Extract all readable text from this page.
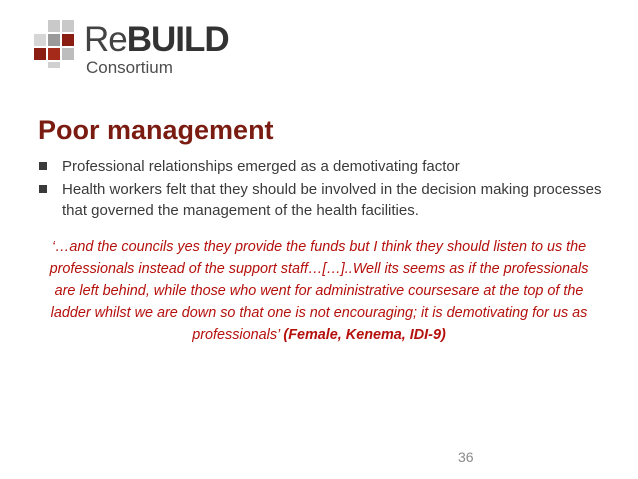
ReBUILD
Consortium
Poor management
Professional relationships emerged as a demotivating factor
Health workers felt that they should be involved in the decision making processes that governed the management of the health facilities.
‘…and the councils yes they provide the funds but I think they should listen to us the professionals instead of the support staff…[…]..Well its seems as if the professionals are left behind, while those who went for administrative coursesare at the top of the ladder whilst we are down so that one is not encouraging; it is demotivating for us as professionals’ (Female, Kenema, IDI-9)
36
